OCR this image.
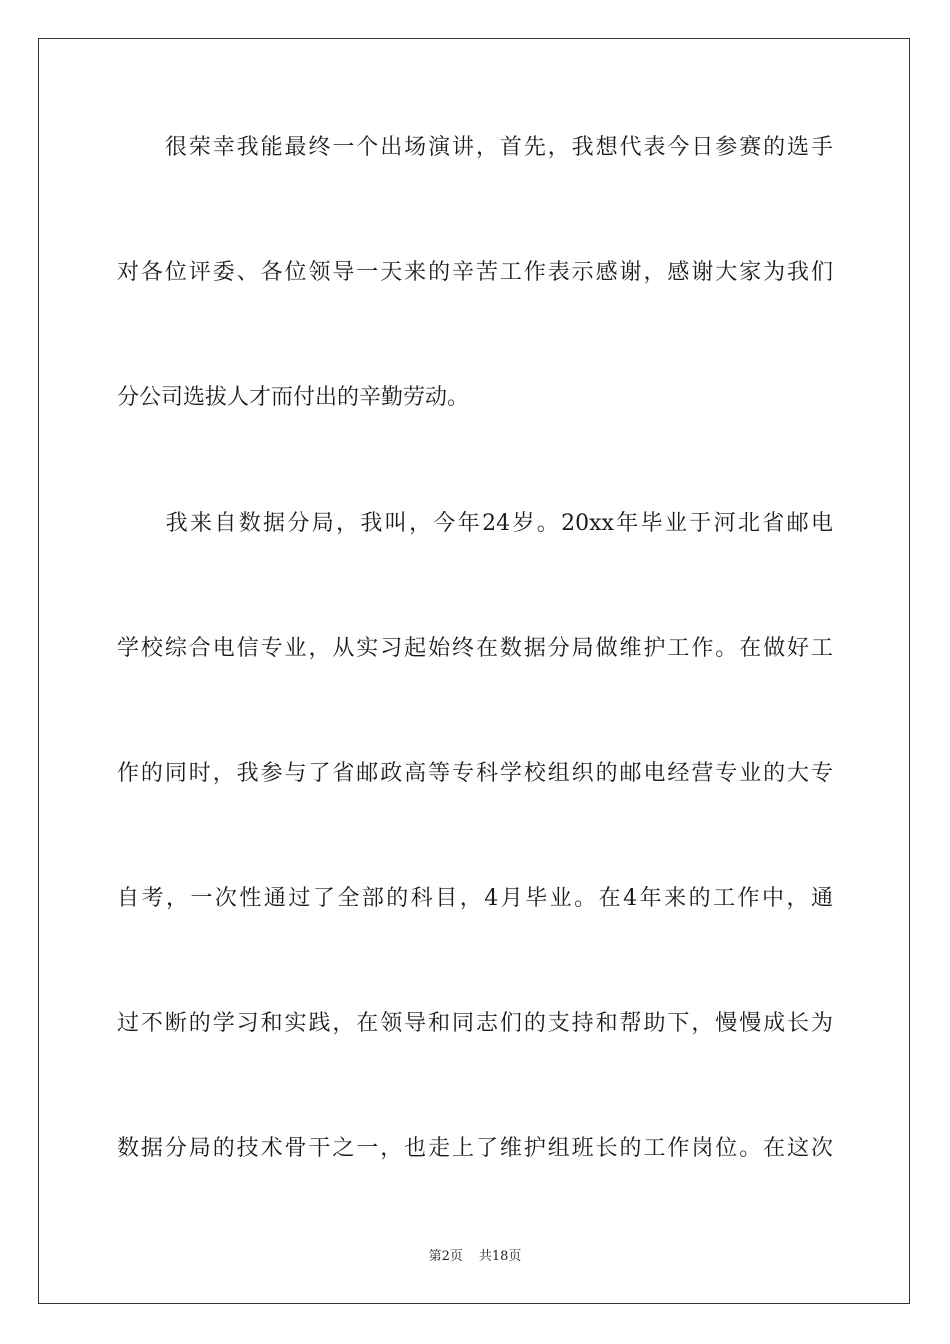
　　很荣幸我能最终一个出场演讲，首先，我想代表今日参赛的选手
对各位评委、各位领导一天来的辛苦工作表示感谢，感谢大家为我们
分公司选拔人才而付出的辛勤劳动。
　　我来自数据分局，我叫，今年24岁。20xx年毕业于河北省邮电
学校综合电信专业，从实习起始终在数据分局做维护工作。在做好工
作的同时，我参与了省邮政高等专科学校组织的邮电经营专业的大专
自考，一次性通过了全部的科目，4月毕业。在4年来的工作中，通
过不断的学习和实践，在领导和同志们的支持和帮助下，慢慢成长为
数据分局的技术骨干之一，也走上了维护组班长的工作岗位。在这次
第2页 共18页
